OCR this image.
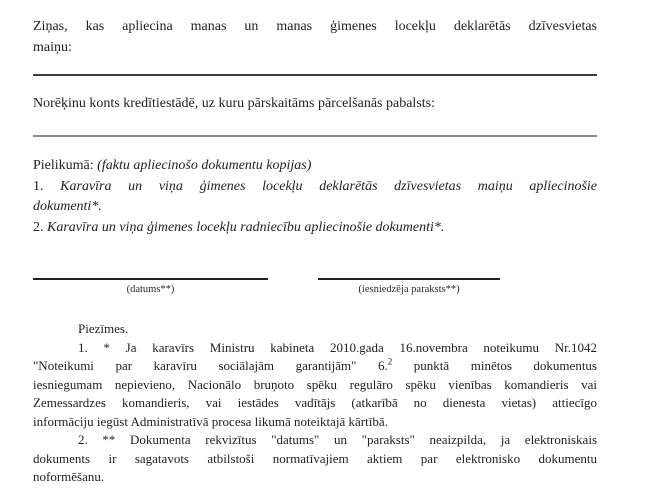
Ziņas, kas apliecina manas un manas ģimenes locekļu deklarētās dzīvesvietas
maiņu:
Norēķinu konts kredītiestādē, uz kuru pārskaitāms pārcelšanās pabalsts:
Pielikumā: (faktu apliecinošo dokumentu kopijas)
1. Karavīra un viņa ģimenes locekļu deklarētās dzīvesvietas maiņu apliecinošie
dokumenti*.
2. Karavīra un viņa ģimenes locekļu radniecību apliecinošie dokumenti*.
(datums**)	(iesniedzēja paraksts**)
Piezīmes.
1. * Ja karavīrs Ministru kabineta 2010.gada 16.novembra noteikumu Nr.1042
"Noteikumi par karavīru sociālajām garantijām" 6.$^2$ punktā minētos dokumentus
iesniegumam nepievieno, Nacionālo bruņoto spēku regulāro spēku vienības komandieris vai
Zemessardzes komandieris, vai iestādes vadītājs (atkarībā no dienesta vietas) attiecīgo
informāciju iegūst Administratīvā procesa likumā noteiktajā kārtībā.
2. ** Dokumenta rekvizītus "datums" un "paraksts" neaizpilda, ja elektroniskais
dokuments ir sagatavots atbilstoši normatīvajiem aktiem par elektronisko dokumentu
noformēšanu.
